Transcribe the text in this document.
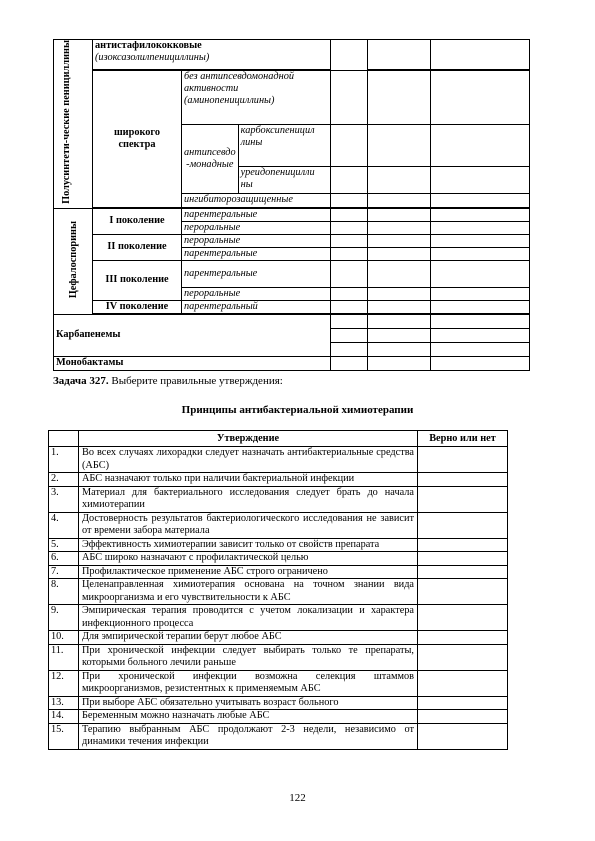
Полусинтети-ческие пенициллины	антистафилококковые
(изоксазолилпенициллины)					

	широкого спектра	без антипсевдомонадной активности (аминопенициллины)				
		антипсевдо -монадные	карбоксипеницил лины			
			уреидопеницилли ны			
		ингибиторозащищенные				

Цефалоспорины	I поколение	парентеральные				
		пероральные				
	II поколение	пероральные				
		парентеральные				
	III поколение	парентеральные				
		пероральные				
	IV поколение	парентеральный				

Карбапенемы						

Монобактамы						
Задача 327. Выберите правильные утверждения:
Принципы антибактериальной химиотерапии
	Утверждение	Верно или нет
1.	Во всех случаях лихорадки следует назначать антибактериальные средства (АБС)	
2.	АБС назначают только при наличии бактериальной инфекции	
3.	Материал для бактериального исследования следует брать до начала химиотерапии	
4.	Достоверность результатов бактериологического исследования не зависит от времени забора материала	
5.	Эффективность химиотерапии зависит только от свойств препарата	
6.	АБС широко назначают с профилактической целью	
7.	Профилактическое применение АБС строго ограничено	
8.	Целенаправленная химиотерапия основана на точном знании вида микроорганизма и его чувствительности к АБС	
9.	Эмпирическая терапия проводится с учетом локализации и характера инфекционного процесса	
10.	Для эмпирической терапии берут любое АБС	
11.	При хронической инфекции следует выбирать только те препараты, которыми больного лечили раньше	
12.	При хронической инфекции возможна селекция штаммов микроорганизмов, резистентных к применяемым АБС	
13.	При выборе АБС обязательно учитывать возраст больного	
14.	Беременным можно назначать любые АБС	
15.	Терапию выбранным АБС продолжают 2-3 недели, независимо от динамики течения инфекции	
122
